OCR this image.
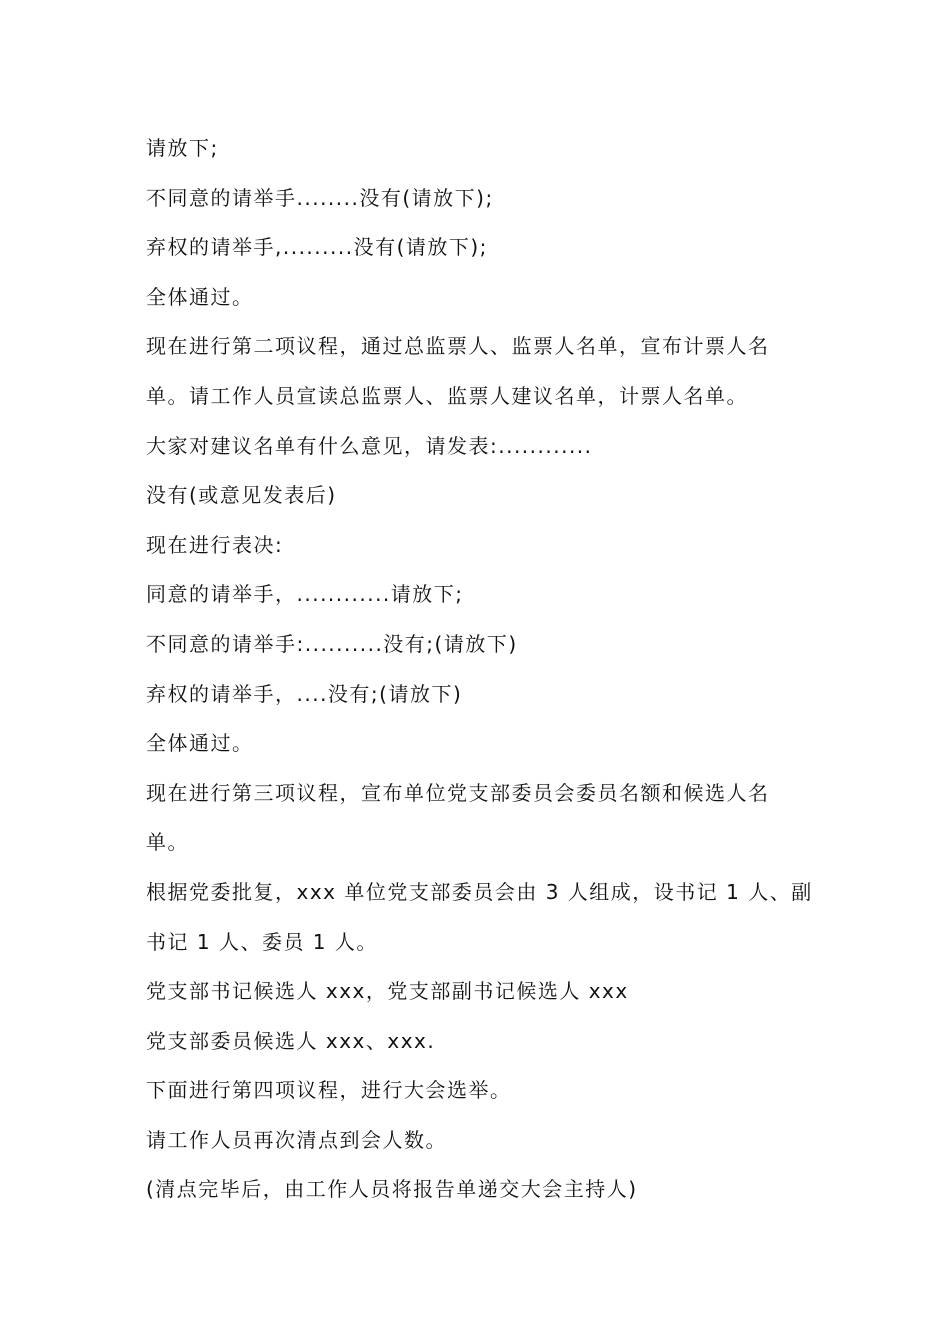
请放下;

不同意的请举手........没有(请放下);

弃权的请举手,.........没有(请放下);

全体通过。

现在进行第二项议程，通过总监票人、监票人名单，宣布计票人名

单。请工作人员宣读总监票人、监票人建议名单，计票人名单。

大家对建议名单有什么意见，请发表:............

没有(或意见发表后)

现在进行表决:

同意的请举手，............请放下;

不同意的请举手:..........没有;(请放下)

弃权的请举手，....没有;(请放下)

全体通过。

现在进行第三项议程，宣布单位党支部委员会委员名额和候选人名

单。

根据党委批复，xxx 单位党支部委员会由 3 人组成，设书记 1 人、副

书记 1 人、委员 1 人。

党支部书记候选人 xxx，党支部副书记候选人 xxx

党支部委员候选人 xxx、xxx.

下面进行第四项议程，进行大会选举。

请工作人员再次清点到会人数。

(清点完毕后，由工作人员将报告单递交大会主持人)
